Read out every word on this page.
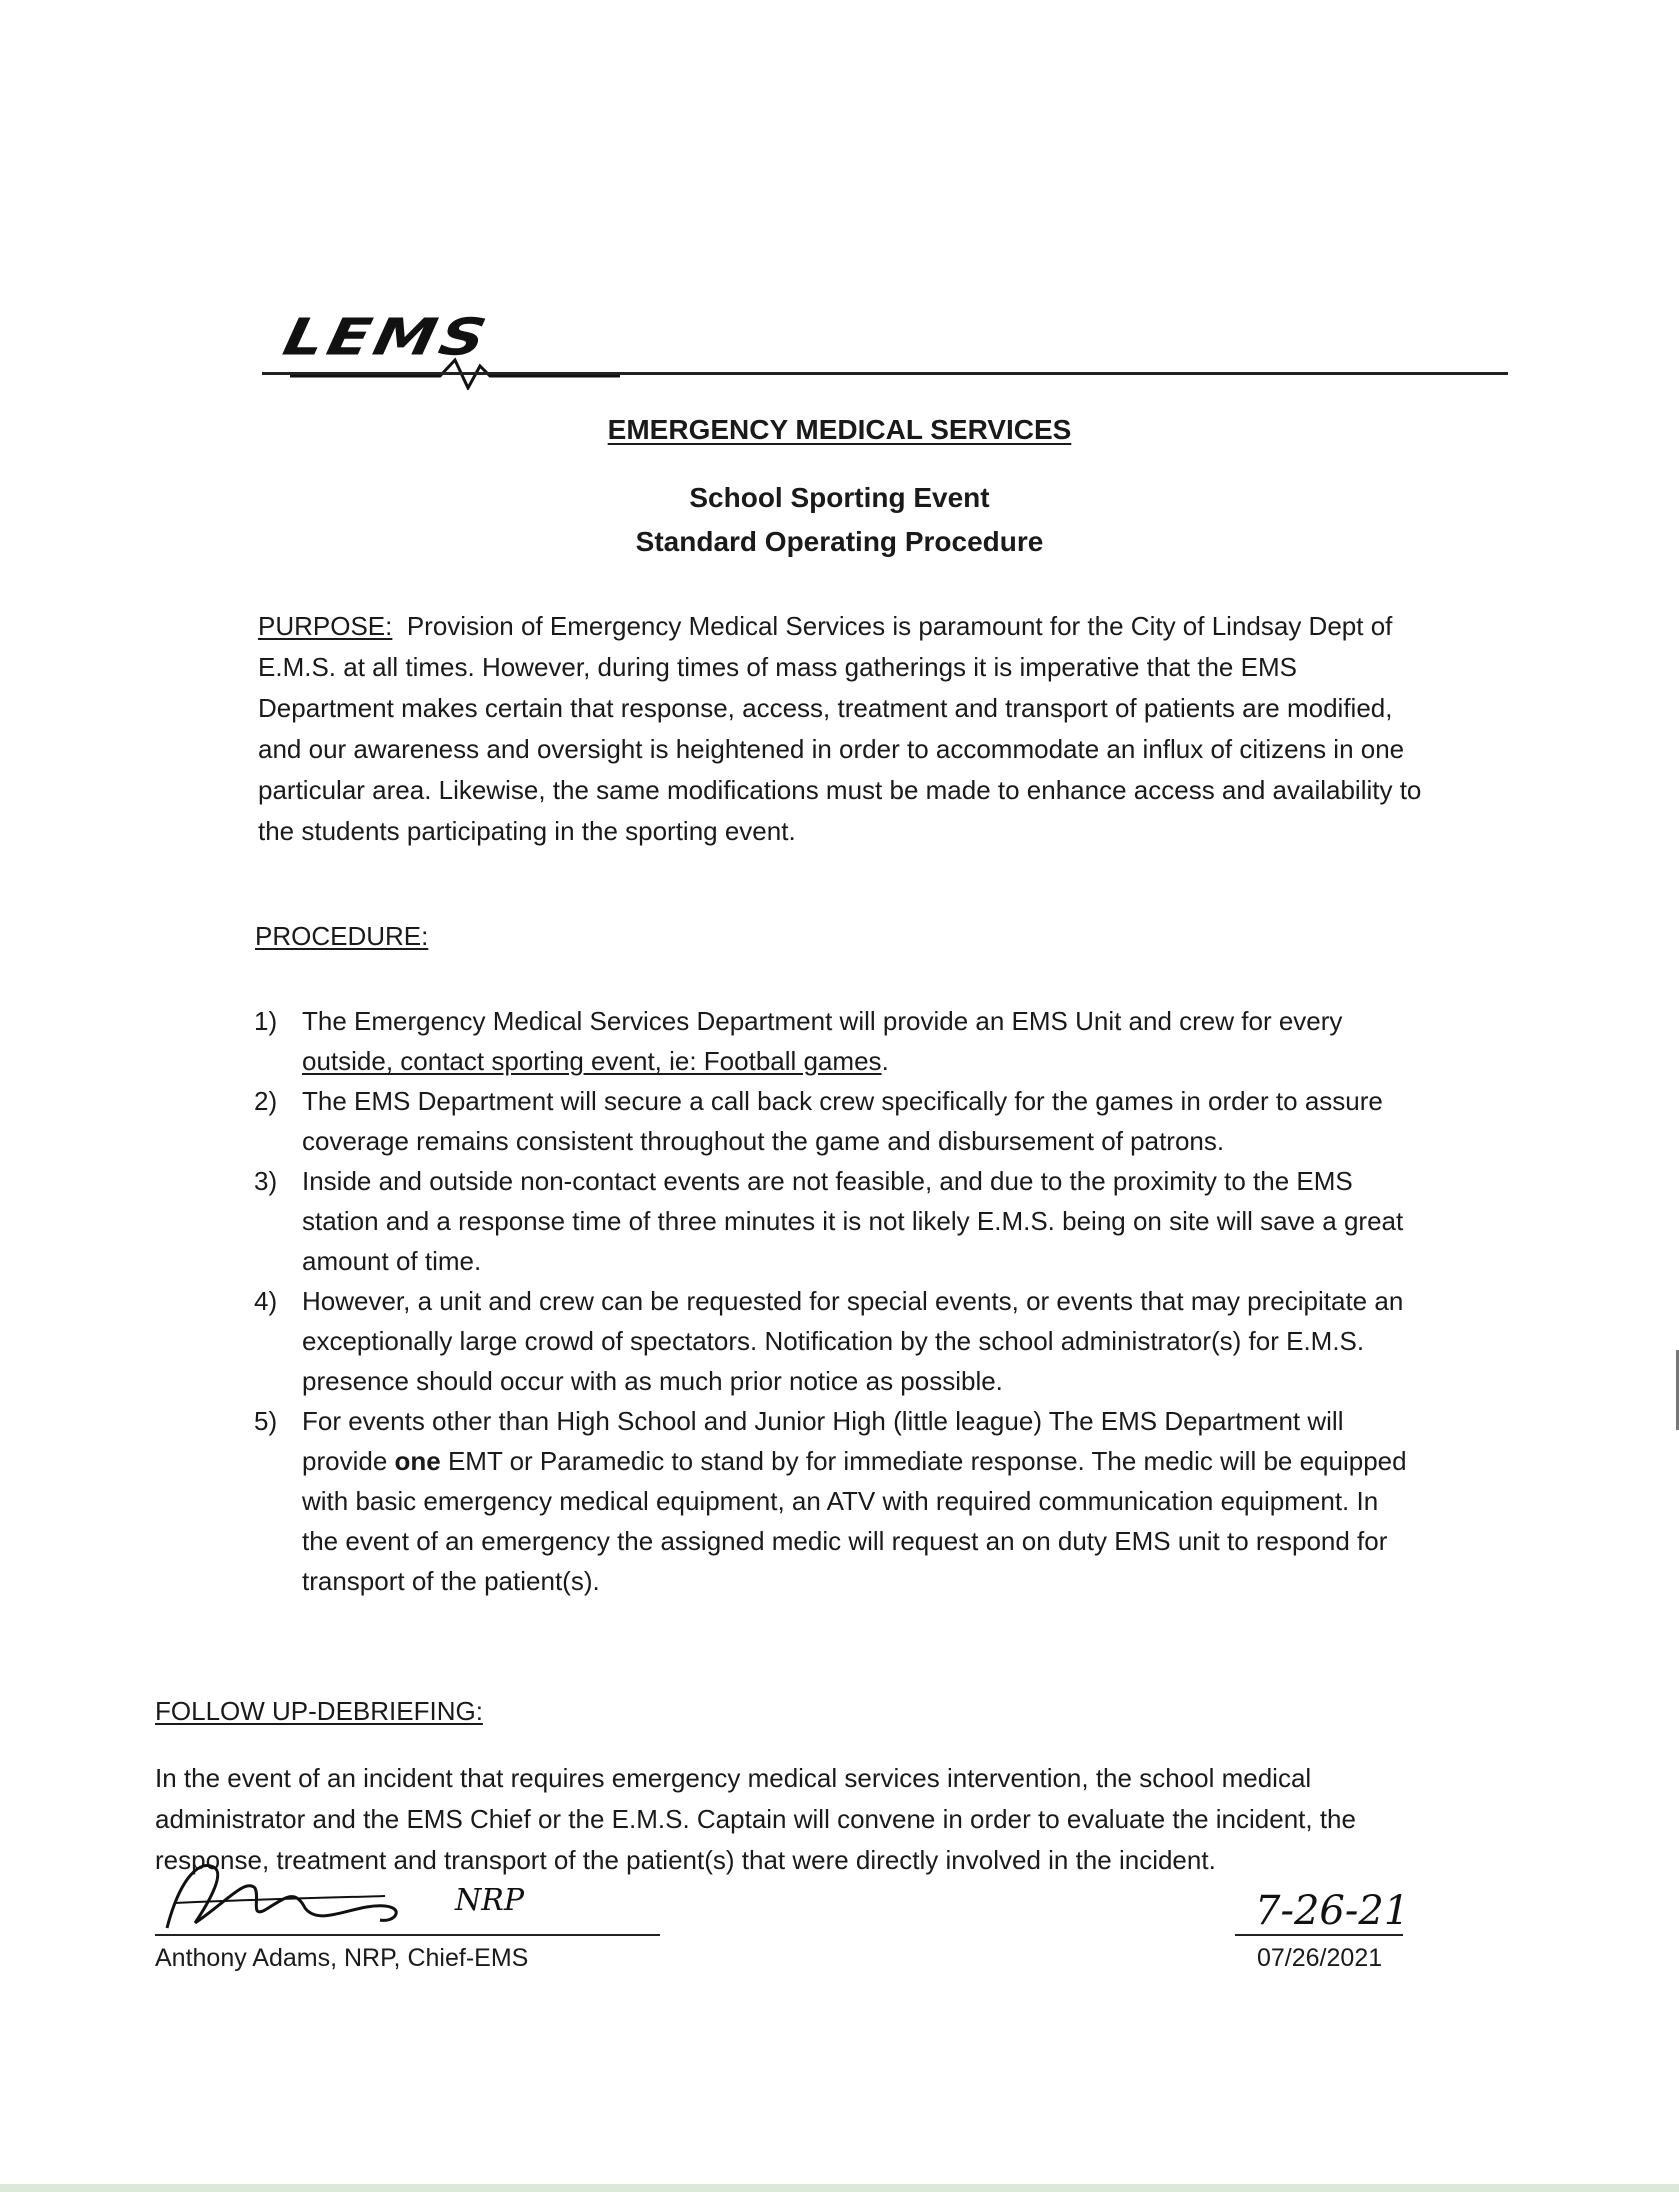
LEMS
EMERGENCY MEDICAL SERVICES
School Sporting Event
Standard Operating Procedure

PURPOSE: Provision of Emergency Medical Services is paramount for the City of Lindsay Dept of E.M.S. at all times. However, during times of mass gatherings it is imperative that the EMS Department makes certain that response, access, treatment and transport of patients are modified, and our awareness and oversight is heightened in order to accommodate an influx of citizens in one particular area. Likewise, the same modifications must be made to enhance access and availability to the students participating in the sporting event.

PROCEDURE:
1) The Emergency Medical Services Department will provide an EMS Unit and crew for every outside, contact sporting event, ie: Football games.
2) The EMS Department will secure a call back crew specifically for the games in order to assure coverage remains consistent throughout the game and disbursement of patrons.
3) Inside and outside non-contact events are not feasible, and due to the proximity to the EMS station and a response time of three minutes it is not likely E.M.S. being on site will save a great amount of time.
4) However, a unit and crew can be requested for special events, or events that may precipitate an exceptionally large crowd of spectators. Notification by the school administrator(s) for E.M.S. presence should occur with as much prior notice as possible.
5) For events other than High School and Junior High (little league) The EMS Department will provide one EMT or Paramedic to stand by for immediate response. The medic will be equipped with basic emergency medical equipment, an ATV with required communication equipment. In the event of an emergency the assigned medic will request an on duty EMS unit to respond for transport of the patient(s).
FOLLOW UP-DEBRIEFING:

In the event of an incident that requires emergency medical services intervention, the school medical administrator and the EMS Chief or the E.M.S. Captain will convene in order to evaluate the incident, the response, treatment and transport of the patient(s) that were directly involved in the incident.

NRP
Anthony Adams, NRP, Chief-EMS
7-26-21
07/26/2021
